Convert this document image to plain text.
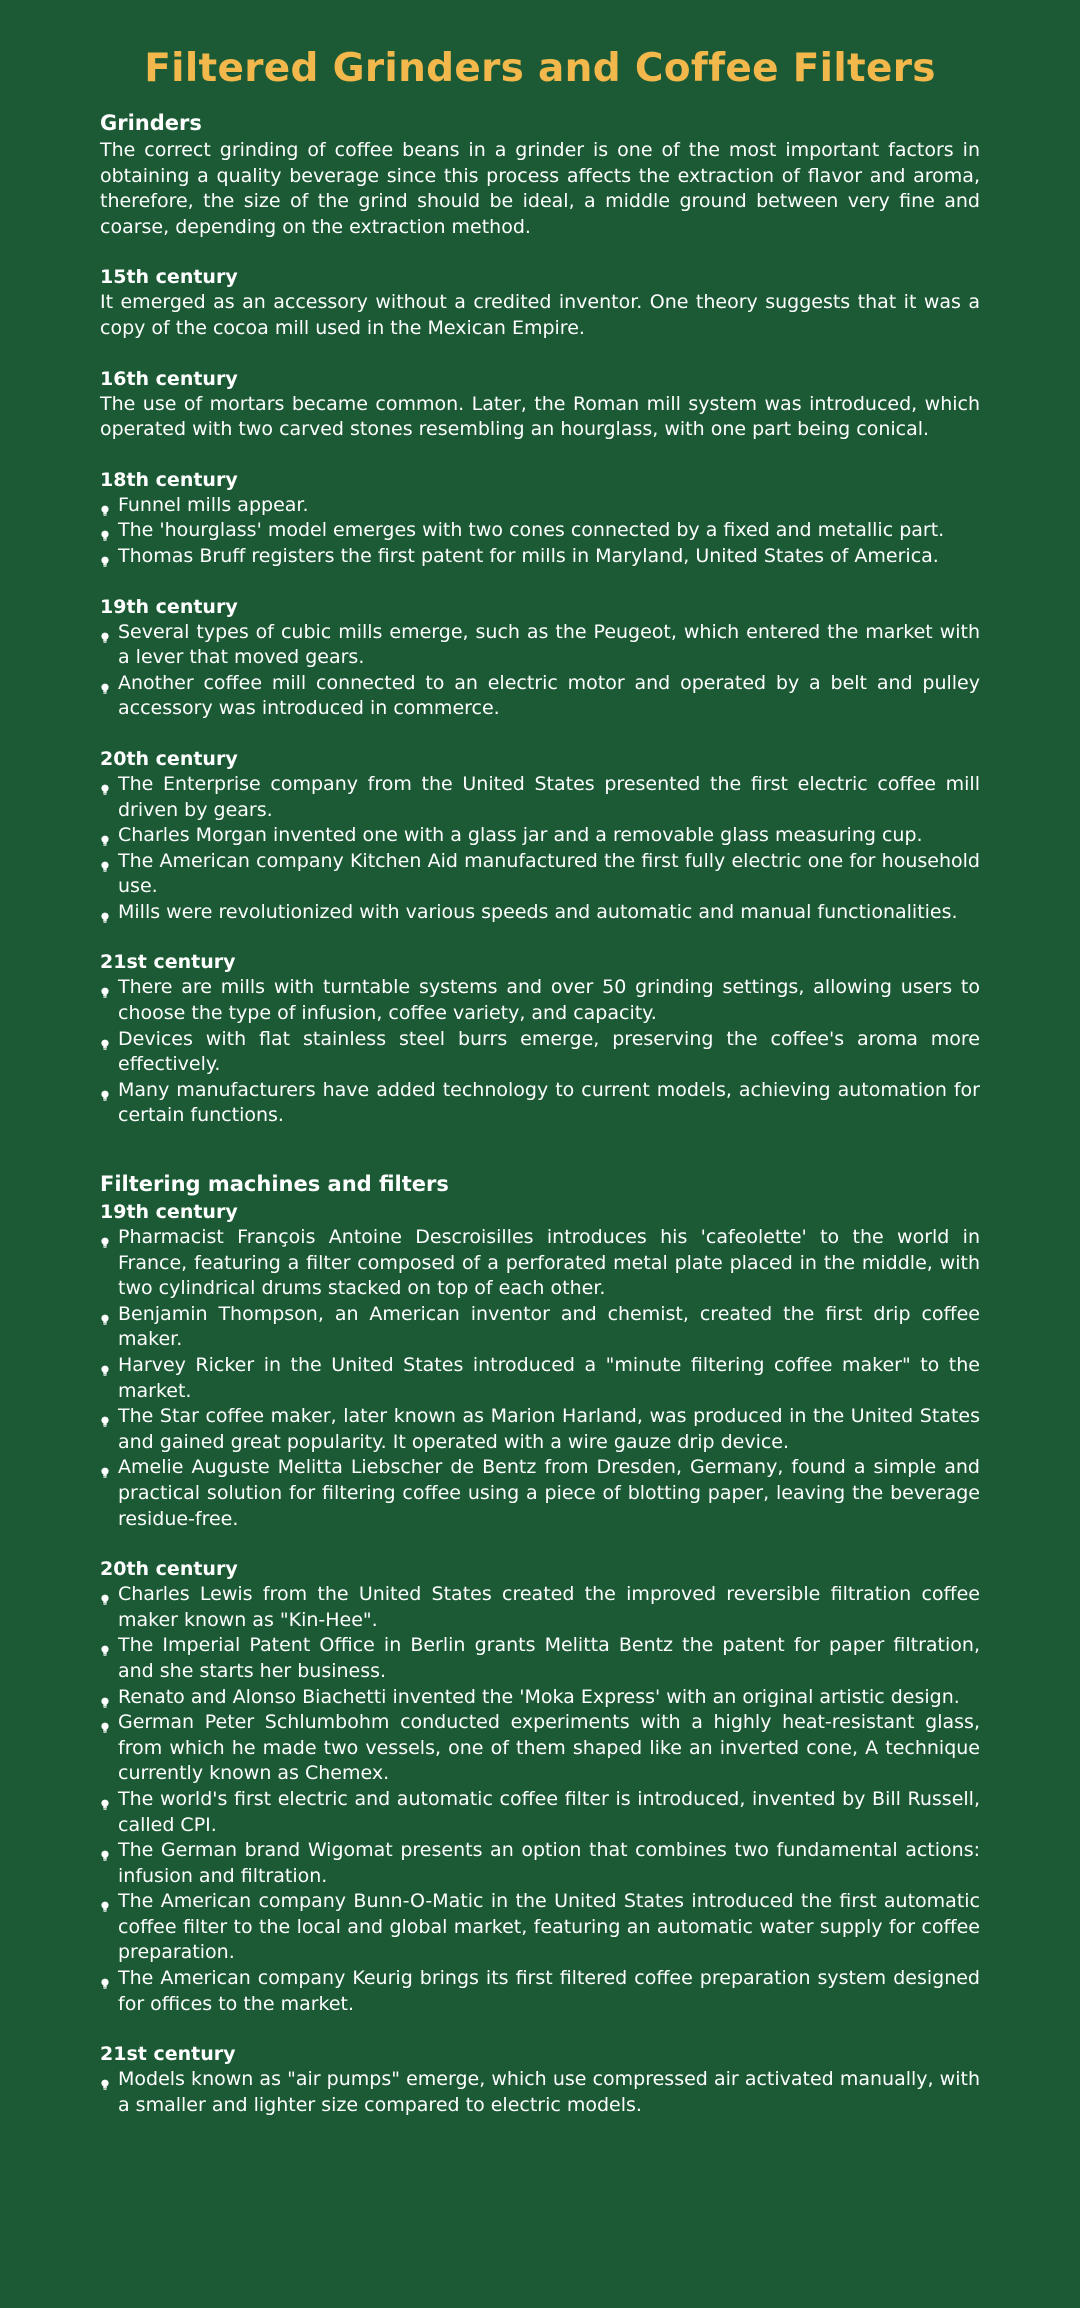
Filtered Grinders and Coffee Filters
Grinders

The correct grinding of coffee beans in a grinder is one of the most important factors in obtaining a quality beverage since this process affects the extraction of flavor and aroma, therefore, the size of the grind should be ideal, a middle ground between very fine and coarse, depending on the extraction method.

15th century

It emerged as an accessory without a credited inventor. One theory suggests that it was a copy of the cocoa mill used in the Mexican Empire.

16th century

The use of mortars became common. Later, the Roman mill system was introduced, which operated with two carved stones resembling an hourglass, with one part being conical.

18th century
Funnel mills appear.
The 'hourglass' model emerges with two cones connected by a fixed and metallic part.
Thomas Bruff registers the first patent for mills in Maryland, United States of America.
19th century
Several types of cubic mills emerge, such as the Peugeot, which entered the market with a lever that moved gears.
Another coffee mill connected to an electric motor and operated by a belt and pulley accessory was introduced in commerce.
20th century
The Enterprise company from the United States presented the first electric coffee mill driven by gears.
Charles Morgan invented one with a glass jar and a removable glass measuring cup.
The American company Kitchen Aid manufactured the first fully electric one for household use.
Mills were revolutionized with various speeds and automatic and manual functionalities.
21st century
There are mills with turntable systems and over 50 grinding settings, allowing users to choose the type of infusion, coffee variety, and capacity.
Devices with flat stainless steel burrs emerge, preserving the coffee's aroma more effectively.
Many manufacturers have added technology to current models, achieving automation for certain functions.
Filtering machines and filters
19th century
Pharmacist François Antoine Descroisilles introduces his 'cafeolette' to the world in France, featuring a filter composed of a perforated metal plate placed in the middle, with two cylindrical drums stacked on top of each other.
Benjamin Thompson, an American inventor and chemist, created the first drip coffee maker.
Harvey Ricker in the United States introduced a "minute filtering coffee maker" to the market.
The Star coffee maker, later known as Marion Harland, was produced in the United States and gained great popularity. It operated with a wire gauze drip device.
Amelie Auguste Melitta Liebscher de Bentz from Dresden, Germany, found a simple and practical solution for filtering coffee using a piece of blotting paper, leaving the beverage residue-free.
20th century
Charles Lewis from the United States created the improved reversible filtration coffee maker known as "Kin-Hee".
The Imperial Patent Office in Berlin grants Melitta Bentz the patent for paper filtration, and she starts her business.
Renato and Alonso Biachetti invented the 'Moka Express' with an original artistic design.
German Peter Schlumbohm conducted experiments with a highly heat-resistant glass, from which he made two vessels, one of them shaped like an inverted cone, A technique currently known as Chemex.
The world's first electric and automatic coffee filter is introduced, invented by Bill Russell, called CPI.
The German brand Wigomat presents an option that combines two fundamental actions: infusion and filtration.
The American company Bunn-O-Matic in the United States introduced the first automatic coffee filter to the local and global market, featuring an automatic water supply for coffee preparation.
The American company Keurig brings its first filtered coffee preparation system designed for offices to the market.
21st century
Models known as "air pumps" emerge, which use compressed air activated manually, with a smaller and lighter size compared to electric models.
